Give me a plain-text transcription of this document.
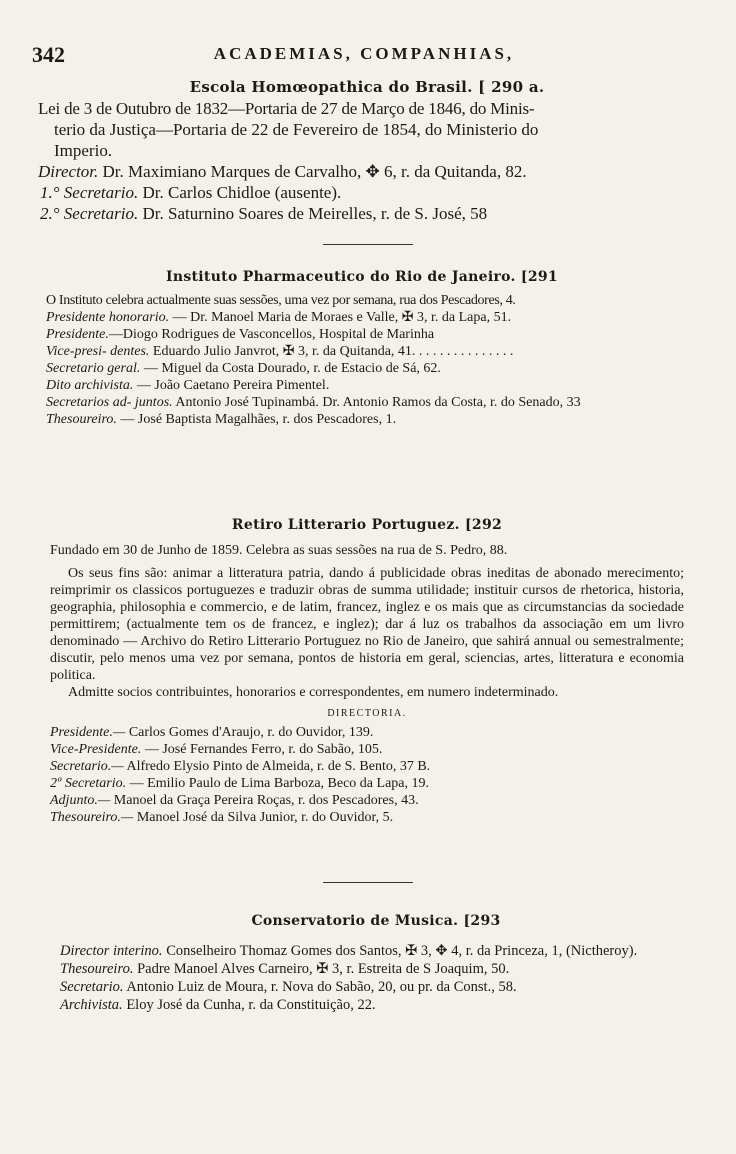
342	ACADEMIAS, COMPANHIAS,
Escola Homœopathica do Brasil. [ 290 a.
Lei de 3 de Outubro de 1832—Portaria de 27 de Março de 1846, do Minis-
terio da Justiça—Portaria de 22 de Fevereiro de 1854, do Ministerio do
Imperio.
Director. Dr. Maximiano Marques de Carvalho, ✥ 6, r. da Quitanda, 82.
1.° Secretario. Dr. Carlos Chidloe (ausente).
2.° Secretario. Dr. Saturnino Soares de Meirelles, r. de S. José, 58
Instituto Pharmaceutico do Rio de Janeiro. [291
O Instituto celebra actualmente suas sessões, uma vez por semana, rua dos Pescadores, 4.
Presidente honorario. — Dr. Manoel Maria de Moraes e Valle, ✠ 3, r. da Lapa, 51.
Presidente.—Diogo Rodrigues de Vasconcellos, Hospital de Marinha
Vice-presi- dentes. Eduardo Julio Janvrot, ✠ 3, r. da Quitanda, 41. . . . . . . . . . . . . . .
Secretario geral. — Miguel da Costa Dourado, r. de Estacio de Sá, 62.
Dito archivista. — João Caetano Pereira Pimentel.
Secretarios ad- juntos. Antonio José Tupinambá. Dr. Antonio Ramos da Costa, r. do Senado, 33
Thesoureiro. — José Baptista Magalhães, r. dos Pescadores, 1.
Retiro Litterario Portuguez. [292
Fundado em 30 de Junho de 1859. Celebra as suas sessões na rua de S. Pedro, 88.
Os seus fins são: animar a litteratura patria, dando á publicidade obras ineditas de abonado merecimento; reimprimir os classicos portuguezes e traduzir obras de summa utilidade; instituir cursos de rhetorica, historia, geographia, philosophia e commercio, e de latim, francez, inglez e os mais que as circumstancias da sociedade permittirem; (actualmente tem os de francez, e inglez); dar á luz os trabalhos da associação em um livro denominado — Archivo do Retiro Litterario Portuguez no Rio de Janeiro, que sahirá annual ou semestralmente; discutir, pelo menos uma vez por semana, pontos de historia em geral, sciencias, artes, litteratura e economia politica.
Admitte socios contribuintes, honorarios e correspondentes, em numero indeterminado.
DIRECTORIA.
Presidente.— Carlos Gomes d'Araujo, r. do Ouvidor, 139.
Vice-Presidente. — José Fernandes Ferro, r. do Sabão, 105.
Secretario.— Alfredo Elysio Pinto de Almeida, r. de S. Bento, 37 B.
2º Secretario. — Emilio Paulo de Lima Barboza, Beco da Lapa, 19.
Adjunto.— Manoel da Graça Pereira Roças, r. dos Pescadores, 43.
Thesoureiro.— Manoel José da Silva Junior, r. do Ouvidor, 5.
Conservatorio de Musica. [293
Director interino. Conselheiro Thomaz Gomes dos Santos, ✠ 3, ✥ 4, r. da Princeza, 1, (Nictheroy).
Thesoureiro. Padre Manoel Alves Carneiro, ✠ 3, r. Estreita de S Joaquim, 50.
Secretario. Antonio Luiz de Moura, r. Nova do Sabão, 20, ou pr. da Const., 58.
Archivista. Eloy José da Cunha, r. da Constituição, 22.
